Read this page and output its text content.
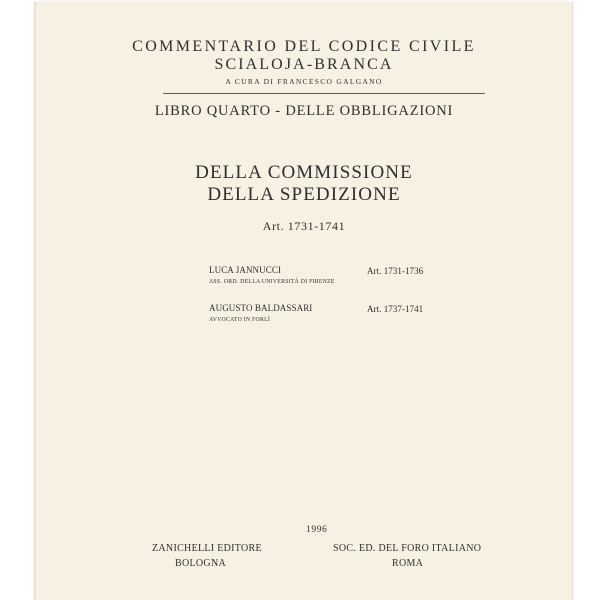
COMMENTARIO DEL CODICE CIVILE
SCIALOJA-BRANCA
A CURA DI FRANCESCO GALGANO
LIBRO QUARTO - DELLE OBBLIGAZIONI
DELLA COMMISSIONE
DELLA SPEDIZIONE
Art. 1731-1741
LUCA JANNUCCI
ASS. ORD. DELLA UNIVERSITÀ DI FIRENZE
Art. 1731-1736
AUGUSTO BALDASSARI
AVVOCATO IN FORLÌ
Art. 1737-1741
1996
ZANICHELLI EDITORE
BOLOGNA
SOC. ED. DEL FORO ITALIANO
ROMA
